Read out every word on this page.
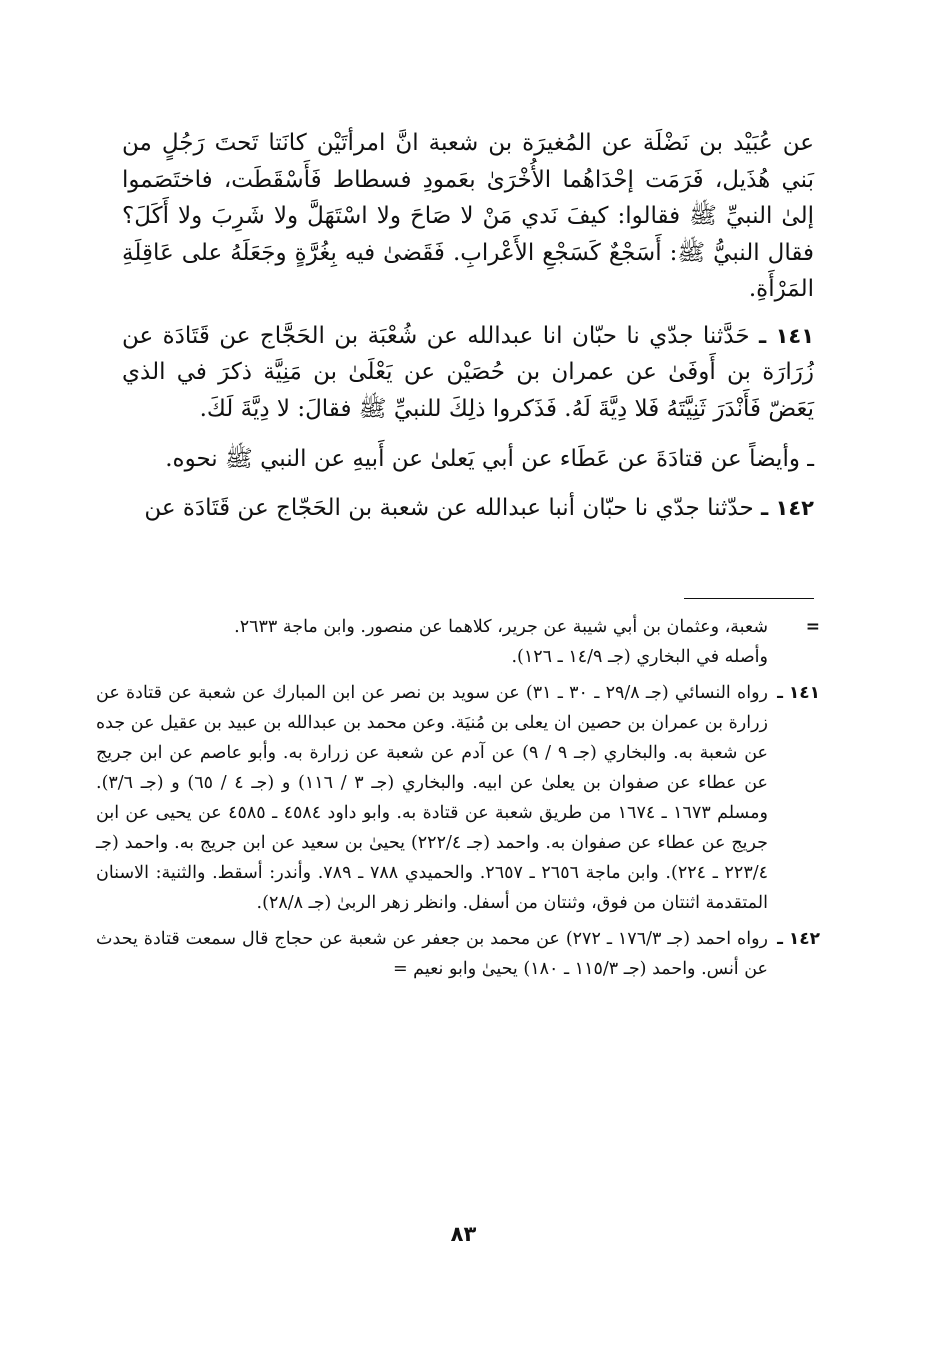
عن عُبَيْد بن نَضْلَة عن المُغيرَة بن شعبة انَّ امرأتَيْن كانَتا تَحتَ رَجُلٍ من بَني هُذَيل، فَرَمَت إحْدَاهُما الأُخْرَىٰ بعَمودِ فسطاط فَأَسْقَطَت، فاختَصَموا إلىٰ النبيِّ ﷺ فقالوا: كيفَ نَدي مَنْ لا صَاحَ ولا اسْتَهَلَّ ولا شَرِبَ ولا أَكَلَ؟ فقال النبيُّ ﷺ: أَسَجْعٌ كَسَجْعِ الأَعْرابِ. فَقَضىٰ فيه بِغُرَّةٍ وجَعَلَهُ على عَاقِلَةِ المَرْأَةِ.

١٤١ ـ حَدَّثنا جدّي نا حبّان انا عبدالله عن شُعْبَة بن الحَجَّاج عن قَتَادَة عن زُرَارَة بن أَوفَىٰ عن عمران بن حُصَيْن عن يَعْلَىٰ بن مَنِيَّة ذكرَ في الذي يَعَضّ فَأَنْدَرَ ثَنِيَّتَهُ فَلا دِيَّةَ لَهُ. فَذَكروا ذلِكَ للنبيِّ ﷺ فقالَ: لا دِيَّةَ لَكَ.

ـ وأيضاً عن قتادَةَ عن عَطَاء عن أبي يَعلىٰ عن أَبيهِ عن النبي ﷺ نحوه.

١٤٢ ـ حدّثنا جدّي نا حبّان أنبا عبدالله عن شعبة بن الحَجّاج عن قَتَادَة عن

=

شعبة، وعثمان بن أبي شيبة عن جرير، كلاهما عن منصور. وابن ماجة ٢٦٣٣.

وأصله في البخاري (جـ ١٤/٩ ـ ١٢٦).

١٤١ ـ
رواه النسائي (جـ ٢٩/٨ ـ ٣٠ ـ ٣١) عن سويد بن نصر عن ابن المبارك عن شعبة عن قتادة عن زرارة بن عمران بن حصين ان يعلى بن مُنيَة. وعن محمد بن عبدالله بن عبيد بن عقيل عن جده عن شعبة به. والبخاري (جـ ٩ / ٩) عن آدم عن شعبة عن زرارة به. وأبو عاصم عن ابن جريج عن عطاء عن صفوان بن يعلىٰ عن ابيه. والبخاري (جـ ٣ / ١١٦) و (جـ ٤ / ٦٥) و (جـ ٣/٦). ومسلم ١٦٧٣ ـ ١٦٧٤ من طريق شعبة عن قتادة به. وابو داود ٤٥٨٤ ـ ٤٥٨٥ عن يحيى عن ابن جريج عن عطاء عن صفوان به. واحمد (جـ ٢٢٢/٤) يحيىٰ بن سعيد عن ابن جريج به. واحمد (جـ ٢٢٣/٤ ـ ٢٢٤). وابن ماجة ٢٦٥٦ ـ ٢٦٥٧. والحميدي ٧٨٨ ـ ٧٨٩. وأندر: أسقط. والثنية: الاسنان المتقدمة اثنتان من فوق، وثنتان من أسفل. وانظر زهر الربىٰ (جـ ٢٨/٨).
١٤٢ ـ
رواه احمد (جـ ١٧٦/٣ ـ ٢٧٢) عن محمد بن جعفر عن شعبة عن حجاج قال سمعت قتادة يحدث عن أنس. واحمد (جـ ١١٥/٣ ـ ١٨٠) يحيىٰ وابو نعيم =
٨٣
